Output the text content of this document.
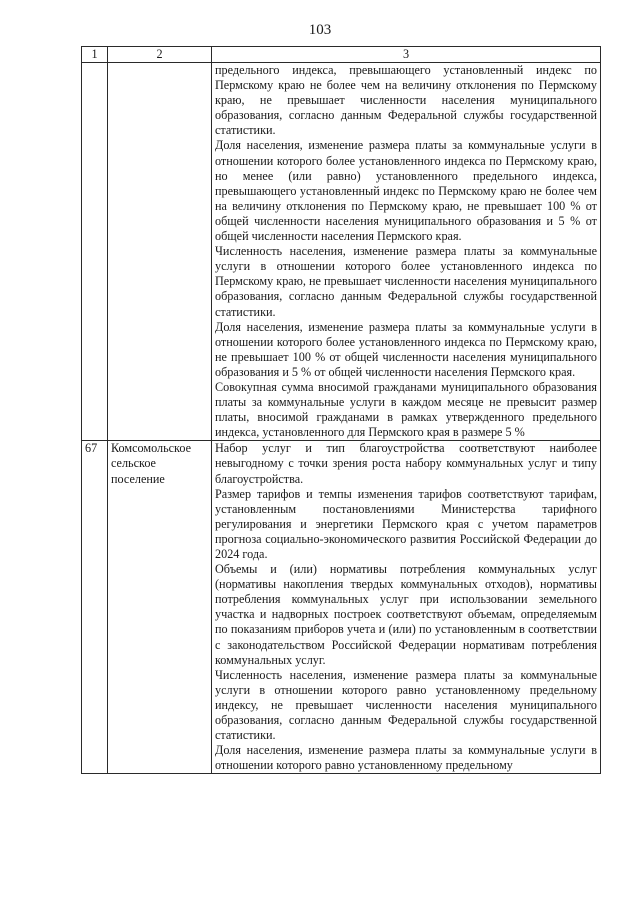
103
1	2	3

		предельного индекса, превышающего установленный индекс по Пермскому краю не более чем на величину отклонения по Пермскому краю, не превышает численности населения муниципального образования, согласно данным Федеральной службы государственной статистики.
Доля населения, изменение размера платы за коммунальные услуги в отношении которого более установленного индекса по Пермскому краю, но менее (или равно) установленного предельного индекса, превышающего установленный индекс по Пермскому краю не более чем на величину отклонения по Пермскому краю, не превышает 100 % от общей численности населения муниципального образования и 5 % от общей численности населения Пермского края.
Численность населения, изменение размера платы за коммунальные услуги в отношении которого более установленного индекса по Пермскому краю, не превышает численности населения муниципального образования, согласно данным Федеральной службы государственной статистики.
Доля населения, изменение размера платы за коммунальные услуги в отношении которого более установленного индекса по Пермскому краю, не превышает 100 % от общей численности населения муниципального образования и 5 % от общей численности населения Пермского края.
Совокупная сумма вносимой гражданами муниципального образования платы за коммунальные услуги в каждом месяце не превысит размер платы, вносимой гражданами в рамках утвержденного предельного индекса, установленного для Пермского края в размере 5 %

67	Комсомольское сельское поселение	Набор услуг и тип благоустройства соответствуют наиболее невыгодному с точки зрения роста набору коммунальных услуг и типу благоустройства.
Размер тарифов и темпы изменения тарифов соответствуют тарифам, установленным постановлениями Министерства тарифного регулирования и энергетики Пермского края с учетом параметров прогноза социально-экономического развития Российской Федерации до 2024 года.
Объемы и (или) нормативы потребления коммунальных услуг (нормативы накопления твердых коммунальных отходов), нормативы потребления коммунальных услуг при использовании земельного участка и надворных построек соответствуют объемам, определяемым по показаниям приборов учета и (или) по установленным в соответствии с законодательством Российской Федерации нормативам потребления коммунальных услуг.
Численность населения, изменение размера платы за коммунальные услуги в отношении которого равно установленному предельному индексу, не превышает численности населения муниципального образования, согласно данным Федеральной службы государственной статистики.
Доля населения, изменение размера платы за коммунальные услуги в отношении которого равно установленному предельному
